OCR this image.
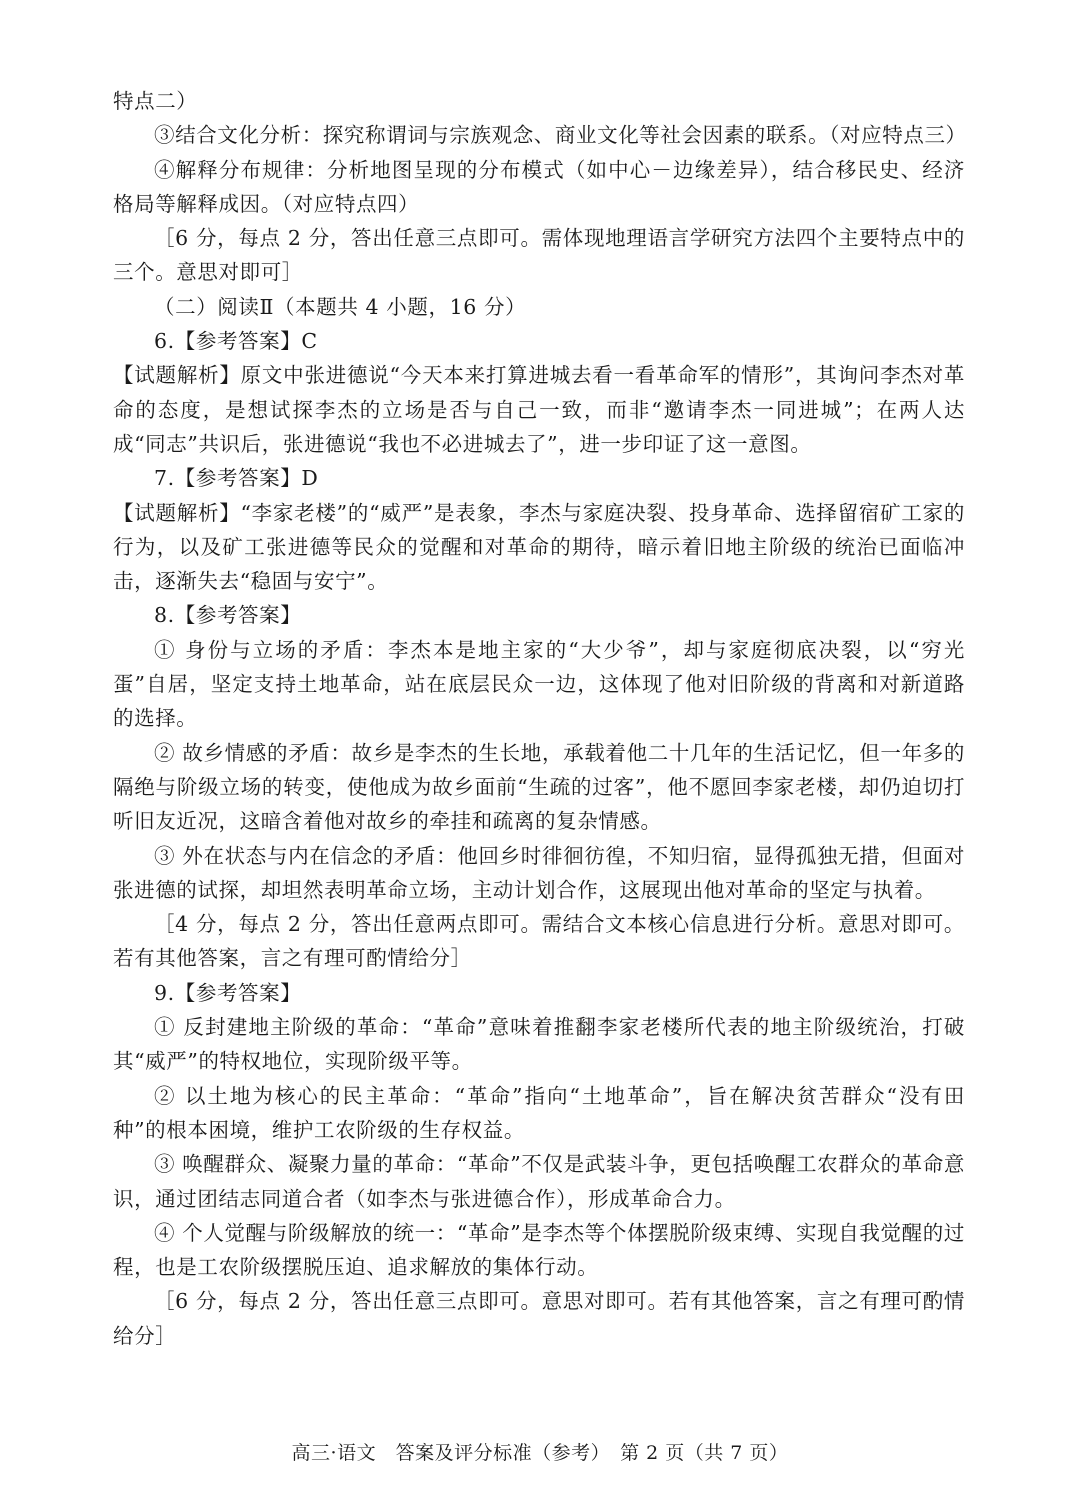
特点二）

③结合文化分析：探究称谓词与宗族观念、商业文化等社会因素的联系。（对应特点三）

④解释分布规律：分析地图呈现的分布模式（如中心－边缘差异），结合移民史、经济格局等解释成因。（对应特点四）

［6 分，每点 2 分，答出任意三点即可。需体现地理语言学研究方法四个主要特点中的三个。意思对即可］

（二）阅读Ⅱ（本题共 4 小题，16 分）

6.【参考答案】C

【试题解析】原文中张进德说“今天本来打算进城去看一看革命军的情形”，其询问李杰对革命的态度，是想试探李杰的立场是否与自己一致，而非“邀请李杰一同进城”；在两人达成“同志”共识后，张进德说“我也不必进城去了”，进一步印证了这一意图。

7.【参考答案】D

【试题解析】“李家老楼”的“威严”是表象，李杰与家庭决裂、投身革命、选择留宿矿工家的行为，以及矿工张进德等民众的觉醒和对革命的期待，暗示着旧地主阶级的统治已面临冲击，逐渐失去“稳固与安宁”。

8.【参考答案】

① 身份与立场的矛盾：李杰本是地主家的“大少爷”，却与家庭彻底决裂，以“穷光蛋”自居，坚定支持土地革命，站在底层民众一边，这体现了他对旧阶级的背离和对新道路的选择。

② 故乡情感的矛盾：故乡是李杰的生长地，承载着他二十几年的生活记忆，但一年多的隔绝与阶级立场的转变，使他成为故乡面前“生疏的过客”，他不愿回李家老楼，却仍迫切打听旧友近况，这暗含着他对故乡的牵挂和疏离的复杂情感。

③ 外在状态与内在信念的矛盾：他回乡时徘徊彷徨，不知归宿，显得孤独无措，但面对张进德的试探，却坦然表明革命立场，主动计划合作，这展现出他对革命的坚定与执着。

［4 分，每点 2 分，答出任意两点即可。需结合文本核心信息进行分析。意思对即可。若有其他答案，言之有理可酌情给分］

9.【参考答案】

① 反封建地主阶级的革命：“革命”意味着推翻李家老楼所代表的地主阶级统治，打破其“威严”的特权地位，实现阶级平等。

② 以土地为核心的民主革命：“革命”指向“土地革命”，旨在解决贫苦群众“没有田种”的根本困境，维护工农阶级的生存权益。

③ 唤醒群众、凝聚力量的革命：“革命”不仅是武装斗争，更包括唤醒工农群众的革命意识，通过团结志同道合者（如李杰与张进德合作），形成革命合力。

④ 个人觉醒与阶级解放的统一：“革命”是李杰等个体摆脱阶级束缚、实现自我觉醒的过程，也是工农阶级摆脱压迫、追求解放的集体行动。

［6 分，每点 2 分，答出任意三点即可。意思对即可。若有其他答案，言之有理可酌情给分］

高三·语文　答案及评分标准（参考）　第 2 页（共 7 页）
